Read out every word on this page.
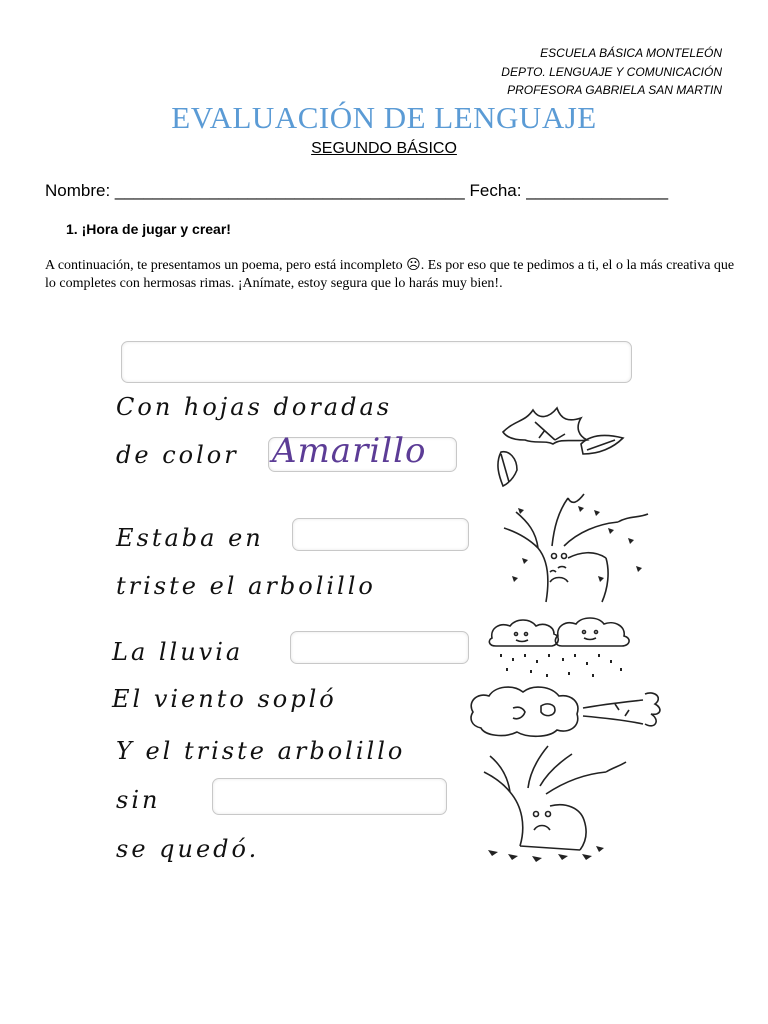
ESCUELA BÁSICA MONTELEÓN
DEPTO. LENGUAJE Y COMUNICACIÓN
PROFESORA GABRIELA SAN MARTIN
EVALUACIÓN DE LENGUAJE
SEGUNDO BÁSICO
Nombre: _____________________________________ Fecha: _______________
1. ¡Hora de jugar y crear!
A continuación, te presentamos un poema, pero está incompleto ☹. Es por eso que te pedimos a ti, el o la más creativa que lo completes con hermosas rimas. ¡Anímate, estoy segura que lo harás muy bien!.
Con hojas doradas
de color Amarillo
Estaba en
triste el arbolillo
La lluvia
El viento sopló
Y el triste arbolillo
sin
se quedó.
